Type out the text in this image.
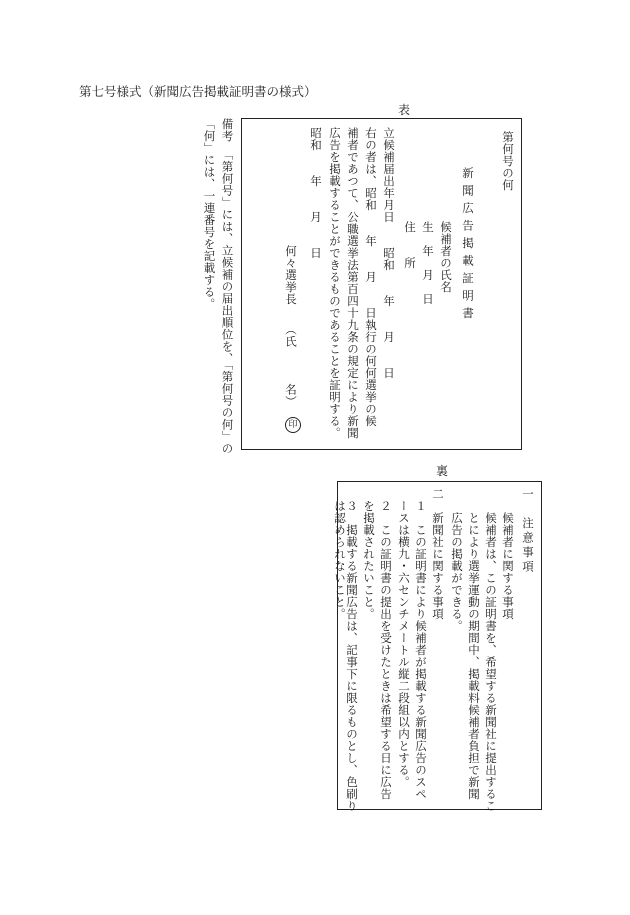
第七号様式（新聞広告掲載証明書の様式）
表
第何号の何
新聞広告掲載証明書
候補者の氏名
生　年　月　日
住　　所
立候補届出年月日　　昭和　　年　　月　　日
右の者は、昭和　　年　　月　　日執行の何何選挙の候
補者であつて、公職選挙法第百四十九条の規定により新聞
広告を掲載することができるものであることを証明する。
昭和　　年　　月　　日
何々選挙長　　（氏　　　名）
印
備考　「第何号」には、立候補の届出順位を、「第何号の何」の
「何」には、一連番号を記載する。
裏
一　注意事項
候補者に関する事項
候補者は、この証明書を、希望する新聞社に提出するこ
とにより選挙運動の期間中、掲載料候補者負担で新聞
広告の掲載ができる。
二　新聞社に関する事項
１　この証明書により候補者が掲載する新聞広告のスペ
ースは横九・六センチメートル縦二段組以内とする。
２　この証明書の提出を受けたときは希望する日に広告
を掲載されたいこと。
３　掲載する新聞広告は、記事下に限るものとし、色刷り
は認められないこと。
